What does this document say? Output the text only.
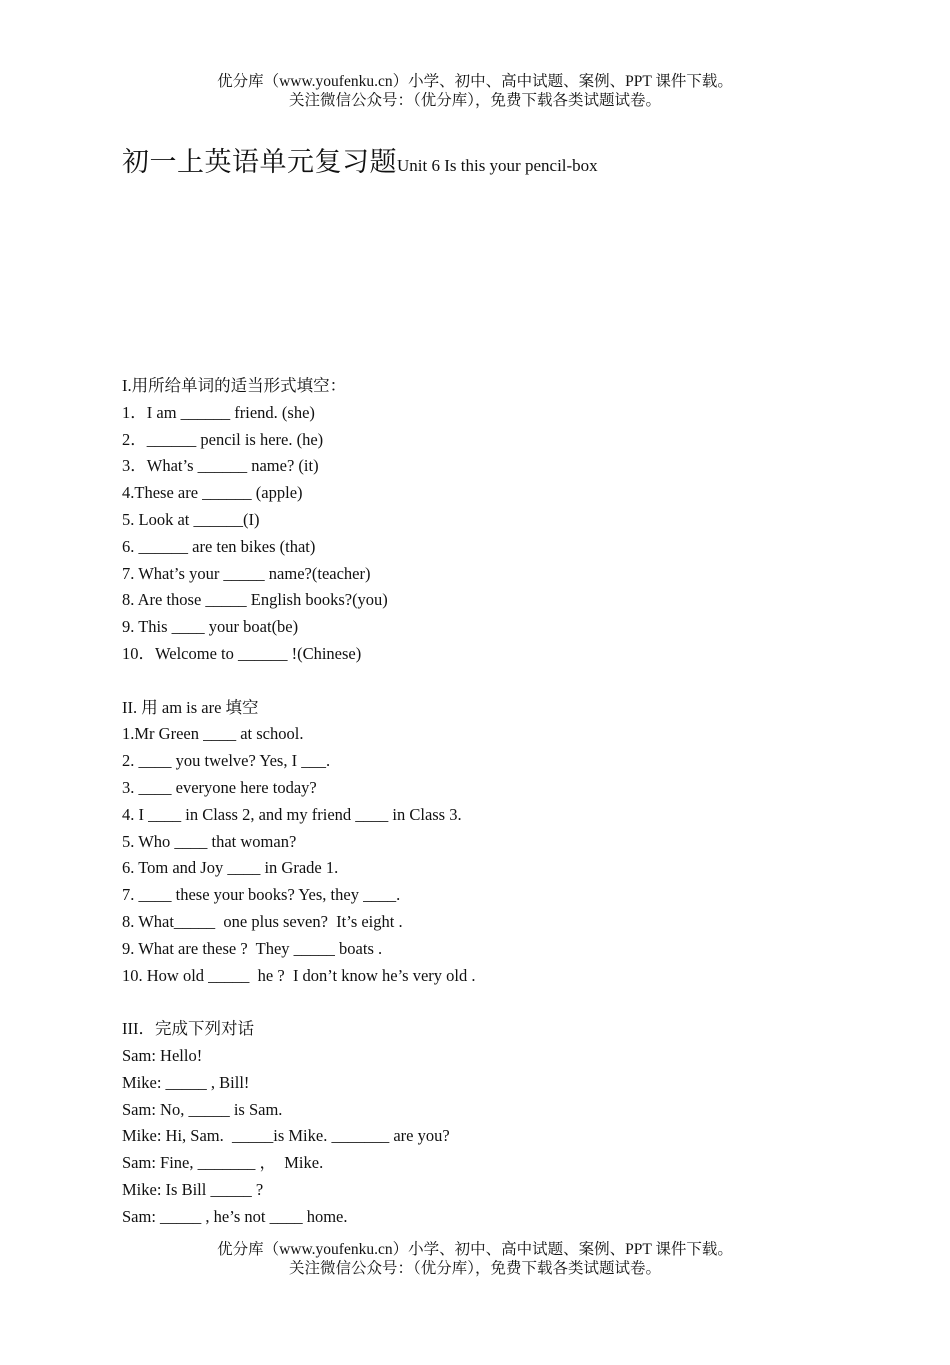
优分库（www.youfenku.cn）小学、初中、高中试题、案例、PPT 课件下载。
关注微信公众号：（优分库），免费下载各类试题试卷。
初一上英语单元复习题Unit 6 Is this your pencil-box
I.用所给单词的适当形式填空：
1．I am ______ friend. (she)
2．______ pencil is here. (he)
3．What’s ______ name? (it)
4.These are ______ (apple)
5. Look at ______(I)
6. ______ are ten bikes (that)
7. What’s your _____ name?(teacher)
8. Are those _____ English books?(you)
9. This ____ your boat(be)
10．Welcome to ______ !(Chinese)
II. 用 am is are 填空
1.Mr Green ____ at school.
2. ____ you twelve? Yes, I ___.
3. ____ everyone here today?
4. I ____ in Class 2, and my friend ____ in Class 3.
5. Who ____ that woman?
6. Tom and Joy ____ in Grade 1.
7. ____ these your books? Yes, they ____.
8. What_____  one plus seven?  It’s eight .
9. What are these ?  They _____ boats .
10. How old _____  he ?  I don’t know he’s very old .
III．完成下列对话
Sam: Hello!
Mike: _____ , Bill!
Sam: No, _____ is Sam.
Mike: Hi, Sam.  _____is Mike. _______ are you?
Sam: Fine, _______ ，  Mike.
Mike: Is Bill _____ ?
Sam: _____ , he’s not ____ home.
优分库（www.youfenku.cn）小学、初中、高中试题、案例、PPT 课件下载。
关注微信公众号：（优分库），免费下载各类试题试卷。
